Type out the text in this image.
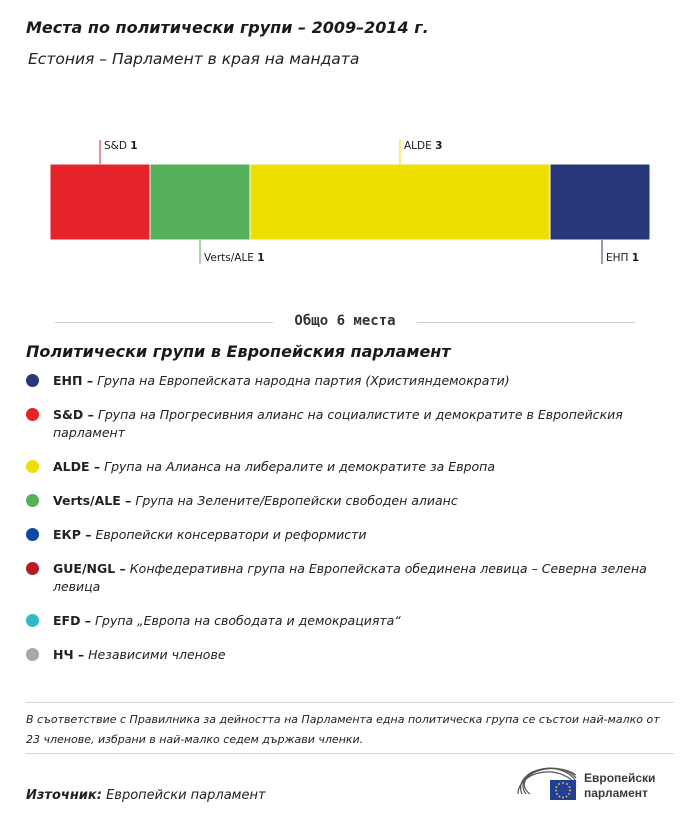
Места по политически групи – 2009–2014 г.

Естония – Парламент в края на мандата

S&D 1
Verts/ALE 1
ALDE 3
ЕНП 1
Общо 6 места
Политически групи в Европейския парламент
ЕНП – Група на Европейската народна партия (Християндемократи)
S&D – Група на Прогресивния алианс на социалистите и демократите в Европейския парламент
ALDE – Група на Алианса на либералите и демократите за Европа
Verts/ALE – Група на Зелените/Европейски свободен алианс
ЕКР – Европейски консерватори и реформисти
GUE/NGL – Конфедеративна група на Европейската обединена левица – Северна зелена левица
EFD – Група „Европа на свободата и демокрацията“
НЧ – Независими членове

В съответствие с Правилника за дейността на Парламента една политическа група се състои най-малко от 23 членове, избрани в най-малко седем държави членки.

Източник: Европейски парламент
Европейски
парламент
